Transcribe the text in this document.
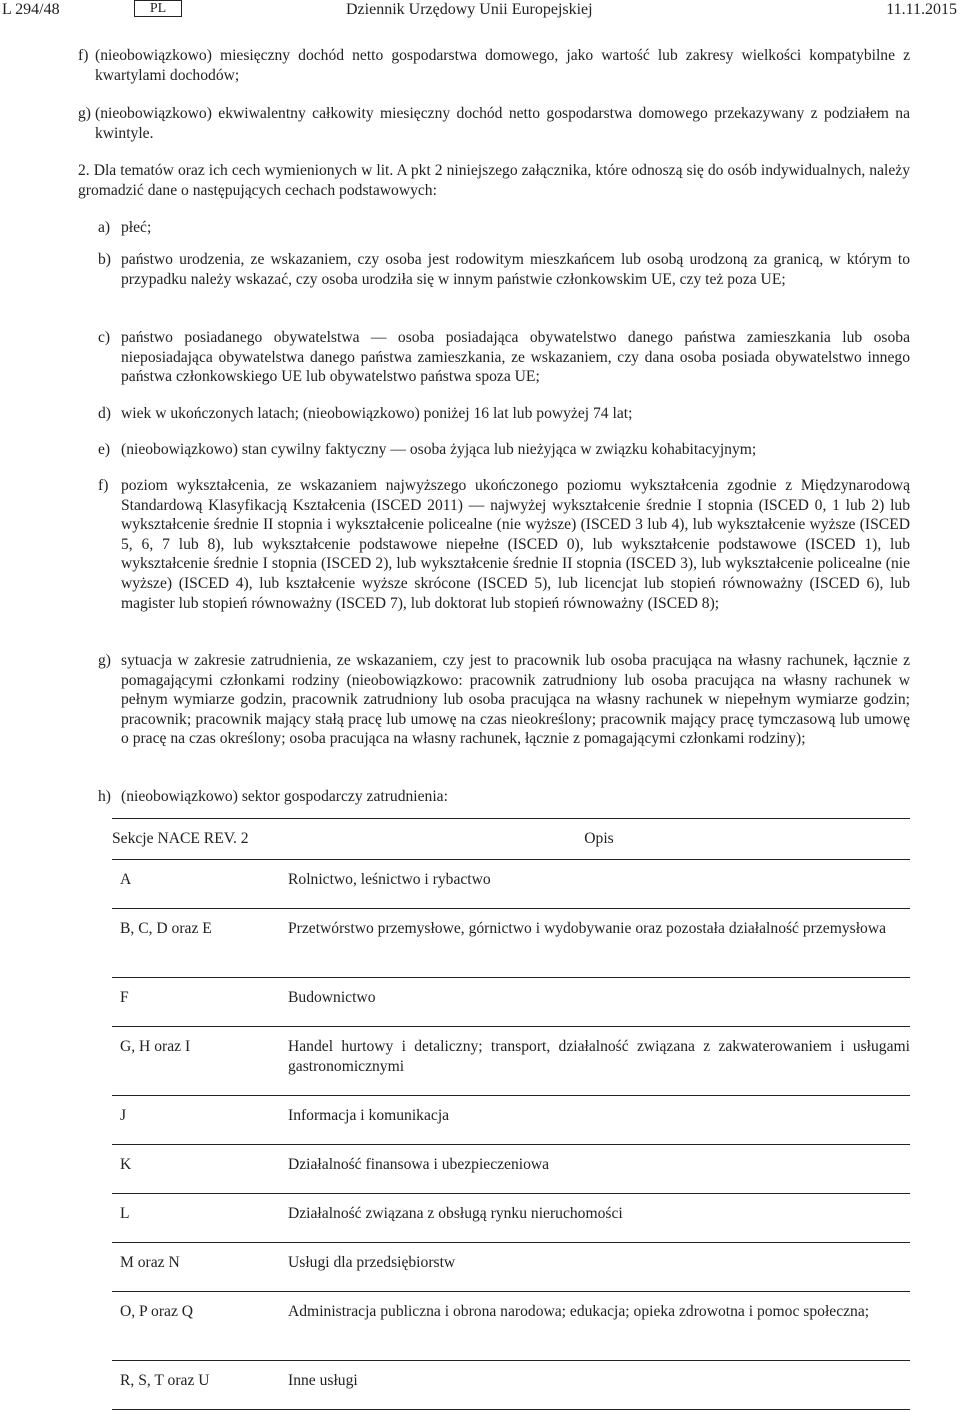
L 294/48	PL	Dziennik Urzędowy Unii Europejskiej	11.11.2015
f) (nieobowiązkowo) miesięczny dochód netto gospodarstwa domowego, jako wartość lub zakresy wielkości kompatybilne z kwartylami dochodów;
g) (nieobowiązkowo) ekwiwalentny całkowity miesięczny dochód netto gospodarstwa domowego przekazywany z podziałem na kwintyle.
2. Dla tematów oraz ich cech wymienionych w lit. A pkt 2 niniejszego załącznika, które odnoszą się do osób indywidualnych, należy gromadzić dane o następujących cechach podstawowych:
a) płeć;
b) państwo urodzenia, ze wskazaniem, czy osoba jest rodowitym mieszkańcem lub osobą urodzoną za granicą, w którym to przypadku należy wskazać, czy osoba urodziła się w innym państwie członkowskim UE, czy też poza UE;
c) państwo posiadanego obywatelstwa — osoba posiadająca obywatelstwo danego państwa zamieszkania lub osoba nieposiadająca obywatelstwa danego państwa zamieszkania, ze wskazaniem, czy dana osoba posiada obywatelstwo innego państwa członkowskiego UE lub obywatelstwo państwa spoza UE;
d) wiek w ukończonych latach; (nieobowiązkowo) poniżej 16 lat lub powyżej 74 lat;
e) (nieobowiązkowo) stan cywilny faktyczny — osoba żyjąca lub nieżyjąca w związku kohabitacyjnym;
f) poziom wykształcenia, ze wskazaniem najwyższego ukończonego poziomu wykształcenia zgodnie z Międzynarodową Standardową Klasyfikacją Kształcenia (ISCED 2011) — najwyżej wykształcenie średnie I stopnia (ISCED 0, 1 lub 2) lub wykształcenie średnie II stopnia i wykształcenie policealne (nie wyższe) (ISCED 3 lub 4), lub wykształcenie wyższe (ISCED 5, 6, 7 lub 8), lub wykształcenie podstawowe niepełne (ISCED 0), lub wykształcenie podstawowe (ISCED 1), lub wykształcenie średnie I stopnia (ISCED 2), lub wykształcenie średnie II stopnia (ISCED 3), lub wykształcenie policealne (nie wyższe) (ISCED 4), lub kształcenie wyższe skrócone (ISCED 5), lub licencjat lub stopień równoważny (ISCED 6), lub magister lub stopień równoważny (ISCED 7), lub doktorat lub stopień równoważny (ISCED 8);
g) sytuacja w zakresie zatrudnienia, ze wskazaniem, czy jest to pracownik lub osoba pracująca na własny rachunek, łącznie z pomagającymi członkami rodziny (nieobowiązkowo: pracownik zatrudniony lub osoba pracująca na własny rachunek w pełnym wymiarze godzin, pracownik zatrudniony lub osoba pracująca na własny rachunek w niepełnym wymiarze godzin; pracownik; pracownik mający stałą pracę lub umowę na czas nieokreślony; pracownik mający pracę tymczasową lub umowę o pracę na czas określony; osoba pracująca na własny rachunek, łącznie z pomagającymi członkami rodziny);
h) (nieobowiązkowo) sektor gospodarczy zatrudnienia:
Sekcje NACE REV. 2	Opis
A	Rolnictwo, leśnictwo i rybactwo
B, C, D oraz E	Przetwórstwo przemysłowe, górnictwo i wydobywanie oraz pozostała działalność przemysłowa
F	Budownictwo
G, H oraz I	Handel hurtowy i detaliczny; transport, działalność związana z zakwaterowaniem i usługami gastronomicznymi
J	Informacja i komunikacja
K	Działalność finansowa i ubezpieczeniowa
L	Działalność związana z obsługą rynku nieruchomości
M oraz N	Usługi dla przedsiębiorstw
O, P oraz Q	Administracja publiczna i obrona narodowa; edukacja; opieka zdrowotna i pomoc społeczna;
R, S, T oraz U	Inne usługi
